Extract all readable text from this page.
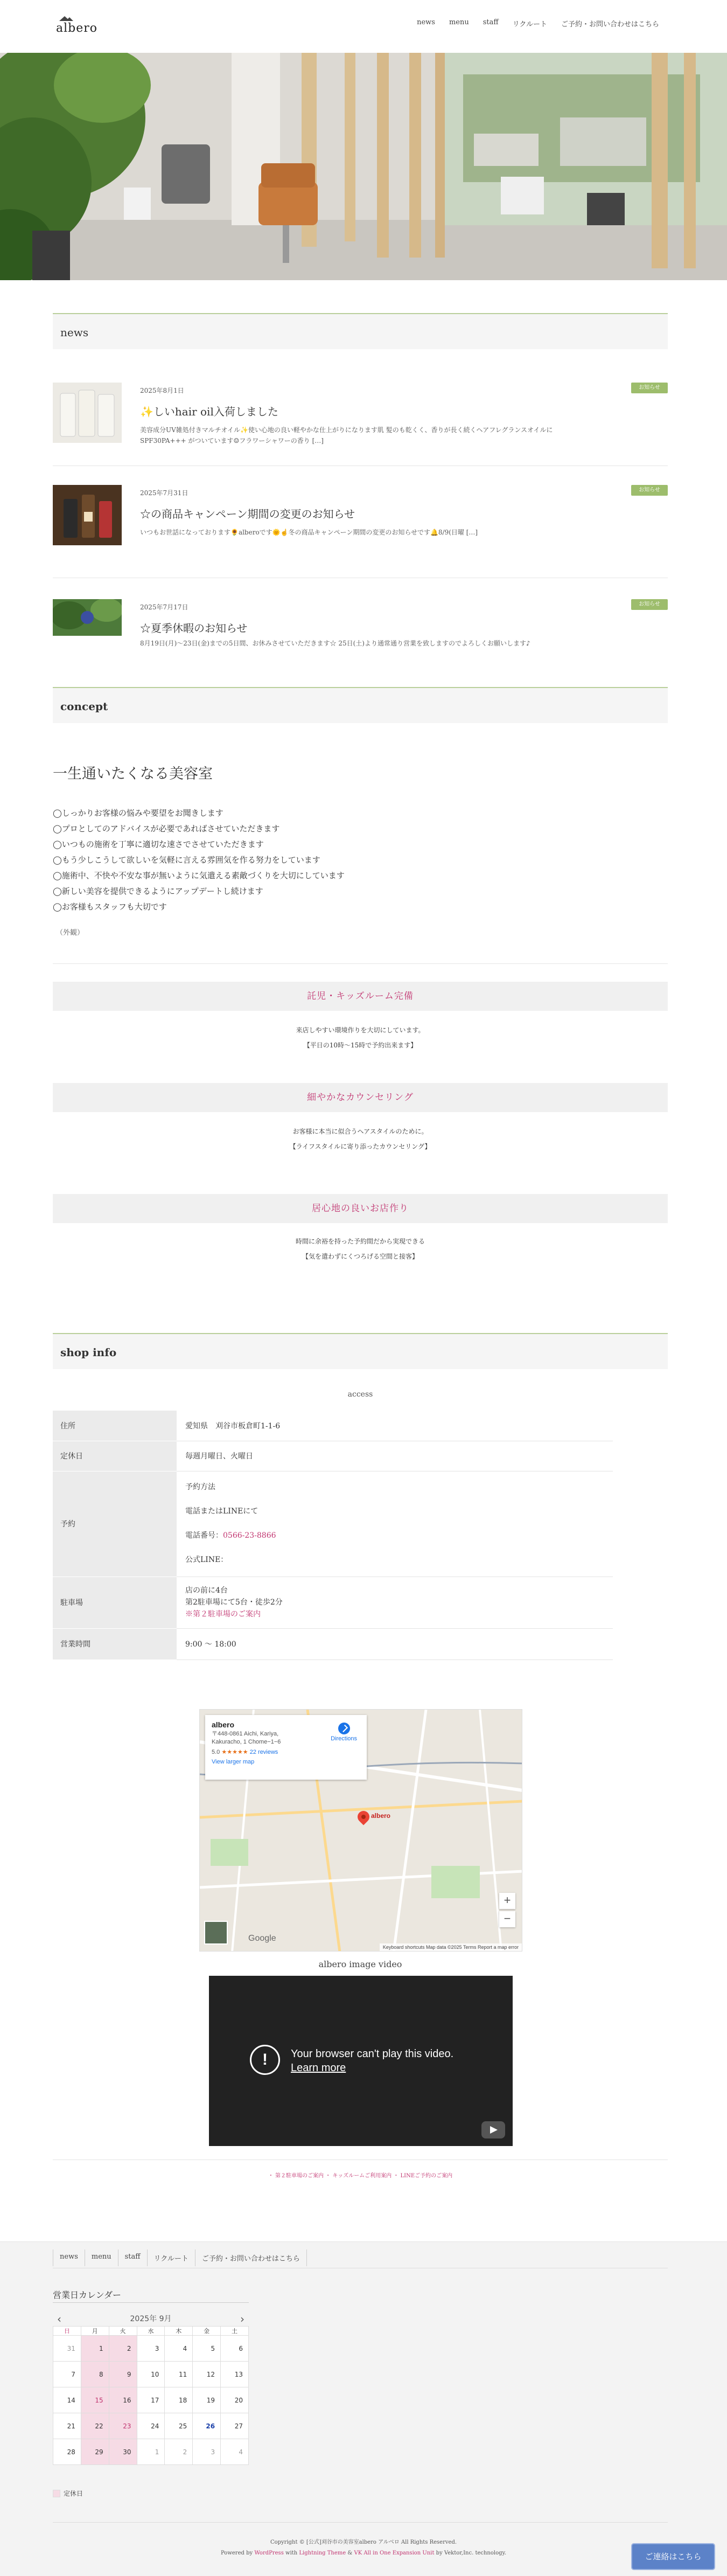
albero	news menu staff リクルート ご予約・お問い合わせはこちら
news
2025年8月1日
✨しいhair oil入荷しました
美容成分UV雑処付きマルチオイル✨使い心地の良い軽やかな仕上がりになります肌 髪のも乾くく、香りが長く続くヘアフレグランスオイルにSPF30PA+++ がついています☺フラワーシャワーの香り […]
お知らせ
2025年7月31日
☆の商品キャンペーン期間の変更のお知らせ
いつもお世話になっております🌻alberoです🌞☝冬の商品キャンペーン期間の変更のお知らせです🔔8/9(日曜 […]
お知らせ
2025年7月17日
☆夏季休暇のお知らせ
8月19日(月)～23日(金)までの5日間、お休みさせていただきます☆ 25日(土)より通常通り営業を致しますのでよろしくお願いします♪
お知らせ
concept
一生通いたくなる美容室
◯しっかりお客様の悩みや要望をお聞きします
◯プロとしてのアドバイスが必要であればさせていただきます
◯いつもの施術を丁寧に適切な速さでさせていただきます
◯もう少しこうして欲しいを気軽に言える雰囲気を作る努力をしています
◯施術中、不快や不安な事が無いように気遣える素敵づくりを大切にしています
◯新しい美容を提供できるようにアップデートし続けます
◯お客様もスタッフも大切です
（外観）
託児・キッズルーム完備
来店しやすい環境作りを大切にしています。
【平日の10時～15時で予約出来ます】
細やかなカウンセリング
お客様に本当に似合うヘアスタイルのために。
【ライフスタイルに寄り添ったカウンセリング】
居心地の良いお店作り
時間に余裕を持った予約間だから実現できる
【気を遣わずにくつろげる空間と接客】
shop info
access
住所	愛知県　刈谷市板倉町1-1-6
定休日	毎週月曜日、火曜日
予約	予約方法
電話またはLINEにて
電話番号：0566-23-8866
公式LINE：

駐車場	店の前に4台
第2駐車場にて5台・徒歩2分
※第２駐車場のご案内

営業時間	9:00 ～ 18:00
albero
〒448-0861 Aichi, Kariya, Kakuracho, 1 Chome−1−6
5.0 ★★★★★ 22 reviews
View larger map
Directions
albero
+
−
Google
Keyboard shortcuts Map data ©2025 Terms Report a map error
albero image video
!	Your browser can't play this video.
Learn more
・ 第２駐車場のご案内 ・ キッズルームご利用案内 ・ LINEご予約のご案内
news	menu	staff	リクルート	ご予約・お問い合わせはこちら
営業日カレンダー
‹	2025年 9月	›
日	月	火	水	木	金	土
31	1	2	3	4	5	6
7	8	9	10	11	12	13
14	15	16	17	18	19	20
21	22	23	24	25	26	27
28	29	30	1	2	3	4
定休日
Copyright © [公式]刈谷市の美容室albero アルベロ All Rights Reserved.
Powered by WordPress with Lightning Theme & VK All in One Expansion Unit by Vektor,Inc. technology.	ご連絡はこちら
